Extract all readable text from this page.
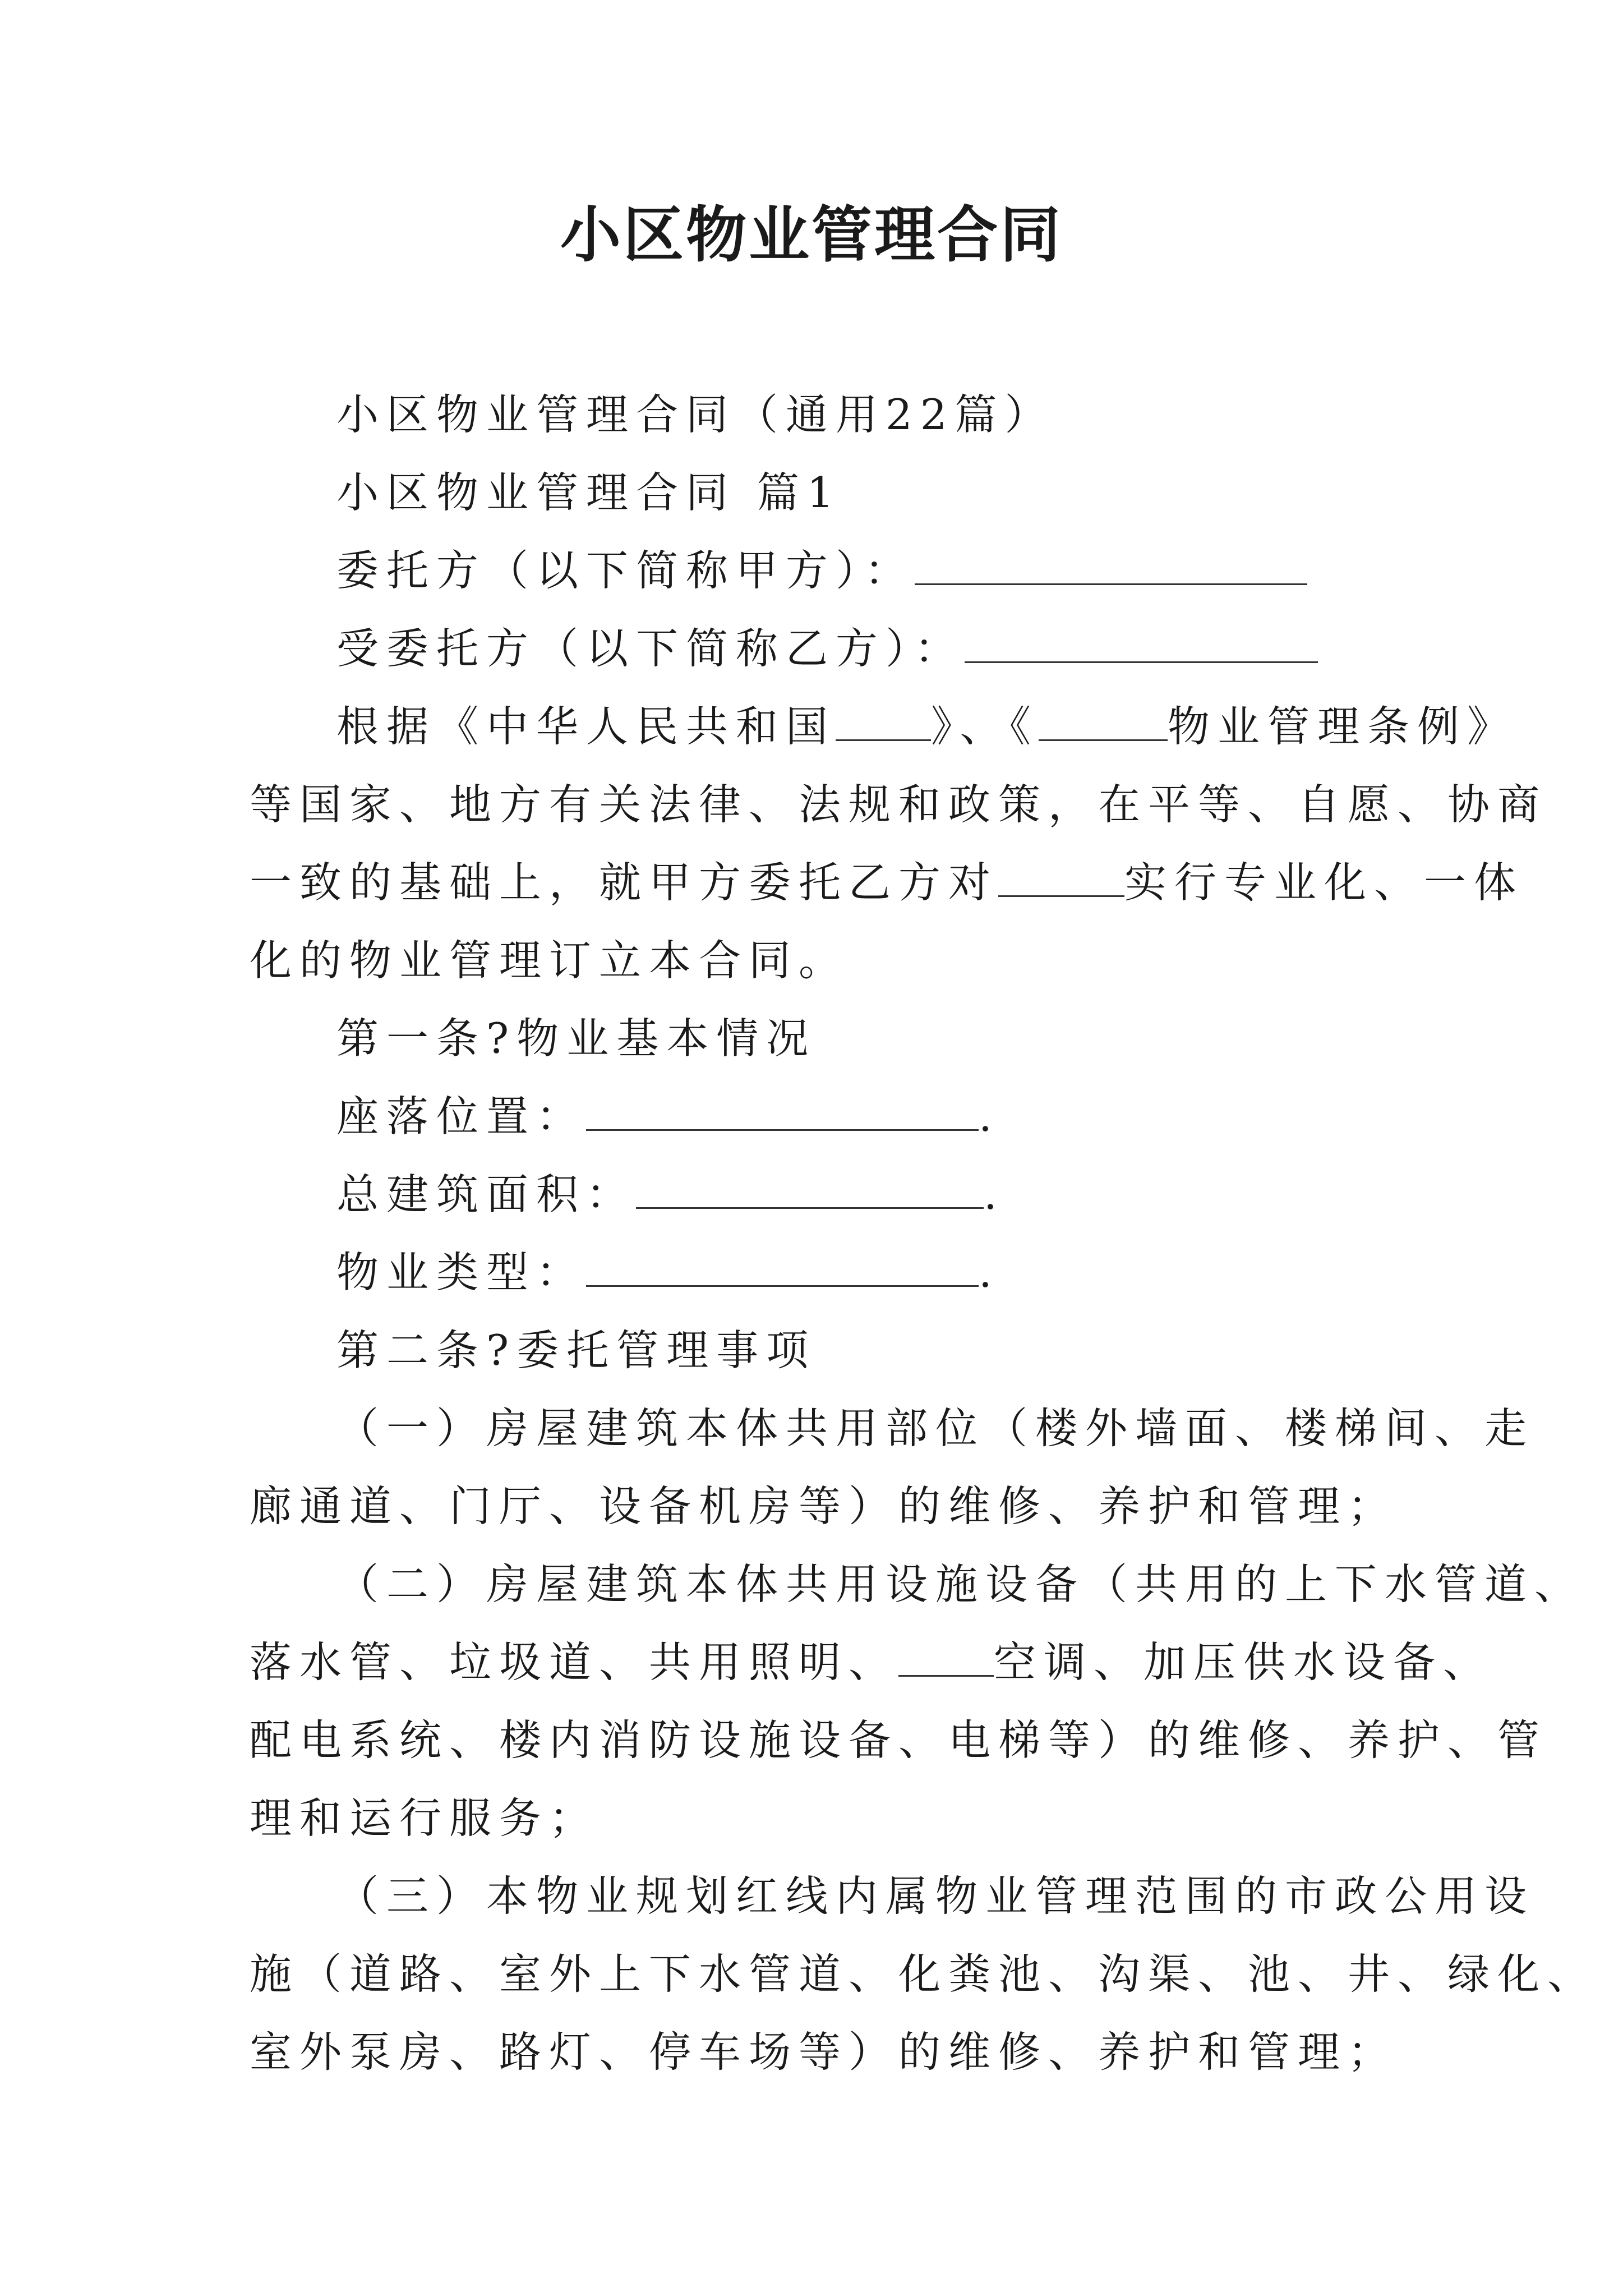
小区物业管理合同

小区物业管理合同（通用22篇）

小区物业管理合同 篇1

委托方（以下简称甲方）：

受委托方（以下简称乙方）：

根据《中华人民共和国 》、《	物业管理条例》

等国家、地方有关法律、法规和政策，在平等、自愿、协商

一致的基础上，就甲方委托乙方对	实行专业化、一体

化的物业管理订立本合同。

第一条?物业基本情况

座落位置：	.

总建筑面积：	.

物业类型：	.

第二条?委托管理事项

（一）房屋建筑本体共用部位（楼外墙面、楼梯间、走

廊通道、门厅、设备机房等）的维修、养护和管理；

（二）房屋建筑本体共用设施设备（共用的上下水管道、

落水管、垃圾道、共用照明、 空调、加压供水设备、

配电系统、楼内消防设施设备、电梯等）的维修、养护、管

理和运行服务；

（三）本物业规划红线内属物业管理范围的市政公用设

施（道路、室外上下水管道、化粪池、沟渠、池、井、绿化、

室外泵房、路灯、停车场等）的维修、养护和管理；
